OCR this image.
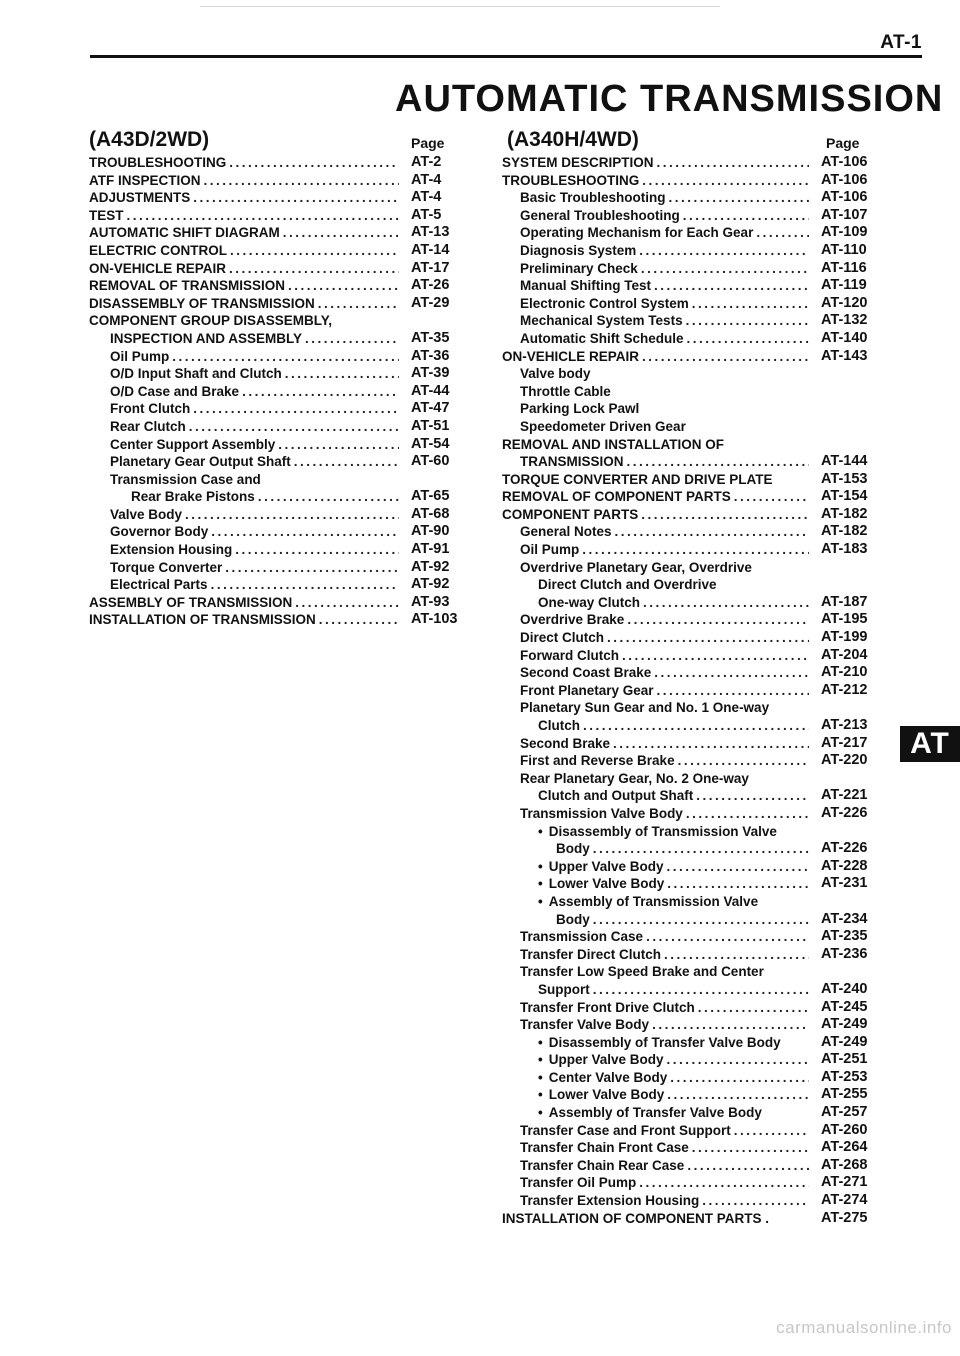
AT-1
AUTOMATIC TRANSMISSION
(A43D/2WD)	Page
TROUBLESHOOTING .....	AT-2
ATF INSPECTION .....	AT-4
ADJUSTMENTS .....	AT-4
TEST .....	AT-5
AUTOMATIC SHIFT DIAGRAM .....	AT-13
ELECTRIC CONTROL .....	AT-14
ON-VEHICLE REPAIR .....	AT-17
REMOVAL OF TRANSMISSION .....	AT-26
DISASSEMBLY OF TRANSMISSION .....	AT-29
COMPONENT GROUP DISASSEMBLY,
INSPECTION AND ASSEMBLY .....	AT-35
Oil Pump .....	AT-36
O/D Input Shaft and Clutch .....	AT-39
O/D Case and Brake .....	AT-44
Front Clutch .....	AT-47
Rear Clutch .....	AT-51
Center Support Assembly .....	AT-54
Planetary Gear Output Shaft .....	AT-60
Transmission Case and
Rear Brake Pistons .....	AT-65
Valve Body .....	AT-68
Governor Body .....	AT-90
Extension Housing .....	AT-91
Torque Converter .....	AT-92
Electrical Parts .....	AT-92
ASSEMBLY OF TRANSMISSION .....	AT-93
INSTALLATION OF TRANSMISSION .....	AT-103
(A340H/4WD)	Page
SYSTEM DESCRIPTION .....	AT-106
TROUBLESHOOTING .....	AT-106
Basic Troubleshooting .....	AT-106
General Troubleshooting .....	AT-107
Operating Mechanism for Each Gear .....	AT-109
Diagnosis System .....	AT-110
Preliminary Check .....	AT-116
Manual Shifting Test .....	AT-119
Electronic Control System .....	AT-120
Mechanical System Tests .....	AT-132
Automatic Shift Schedule .....	AT-140
ON-VEHICLE REPAIR .....	AT-143
Valve body
Throttle Cable
Parking Lock Pawl
Speedometer Driven Gear
REMOVAL AND INSTALLATION OF
TRANSMISSION .....	AT-144
TORQUE CONVERTER AND DRIVE PLATE	AT-153
REMOVAL OF COMPONENT PARTS .....	AT-154
COMPONENT PARTS .....	AT-182
General Notes .....	AT-182
Oil Pump .....	AT-183
Overdrive Planetary Gear, Overdrive
Direct Clutch and Overdrive
One-way Clutch .....	AT-187
Overdrive Brake .....	AT-195
Direct Clutch .....	AT-199
Forward Clutch .....	AT-204
Second Coast Brake .....	AT-210
Front Planetary Gear .....	AT-212
Planetary Sun Gear and No. 1 One-way
Clutch .....	AT-213
Second Brake .....	AT-217
First and Reverse Brake .....	AT-220
Rear Planetary Gear, No. 2 One-way
Clutch and Output Shaft .....	AT-221
Transmission Valve Body .....	AT-226
• Disassembly of Transmission Valve
Body .....	AT-226
• Upper Valve Body .....	AT-228
• Lower Valve Body .....	AT-231
• Assembly of Transmission Valve
Body .....	AT-234
Transmission Case .....	AT-235
Transfer Direct Clutch .....	AT-236
Transfer Low Speed Brake and Center
Support .....	AT-240
Transfer Front Drive Clutch .....	AT-245
Transfer Valve Body .....	AT-249
• Disassembly of Transfer Valve Body	AT-249
• Upper Valve Body .....	AT-251
• Center Valve Body .....	AT-253
• Lower Valve Body .....	AT-255
• Assembly of Transfer Valve Body	AT-257
Transfer Case and Front Support .....	AT-260
Transfer Chain Front Case .....	AT-264
Transfer Chain Rear Case .....	AT-268
Transfer Oil Pump .....	AT-271
Transfer Extension Housing .....	AT-274
INSTALLATION OF COMPONENT PARTS .	AT-275
AT
carmanualsonline.info
